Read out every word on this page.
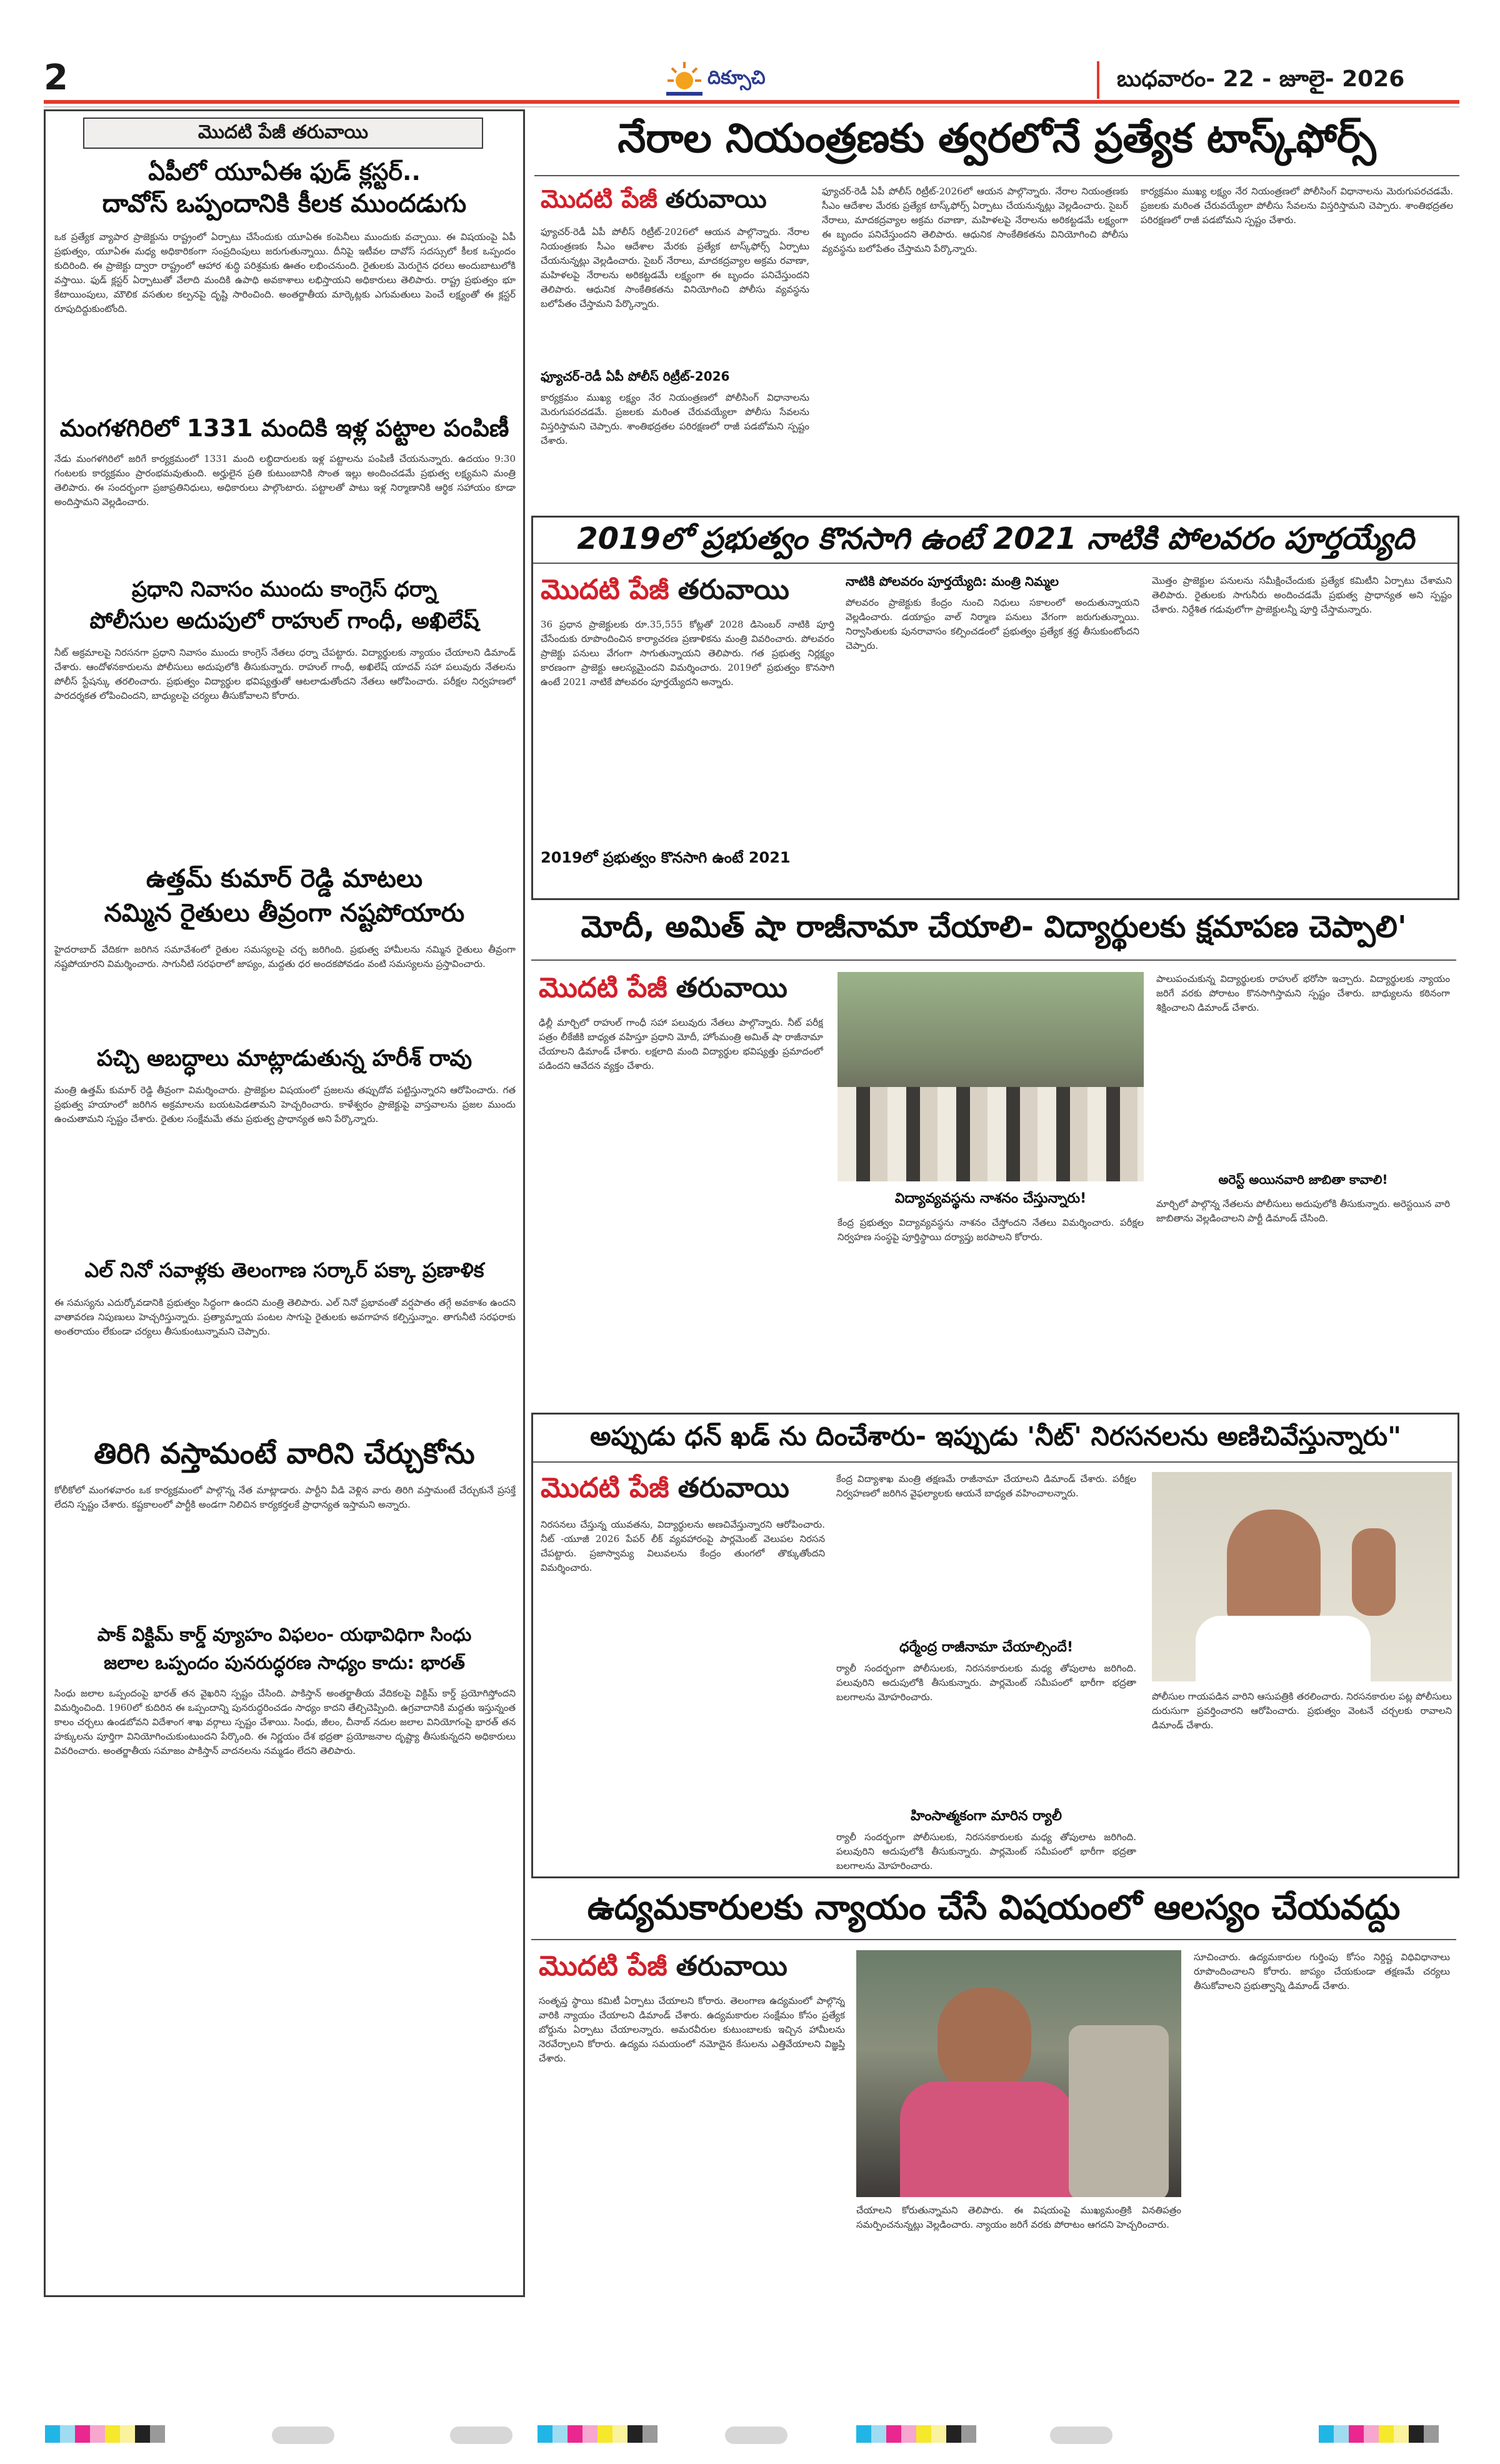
2	దిక్సూచి	బుధవారం- 22 - జూలై- 2026
మొదటి పేజీ తరువాయి
ఏపీలో యూఏఈ ఫుడ్ క్లస్టర్..
దావోస్ ఒప్పందానికి కీలక ముందడుగు
ఒక ప్రత్యేక వ్యాపార ప్రాజెక్టును రాష్ట్రంలో ఏర్పాటు చేసేందుకు యూఏఈ కంపెనీలు ముందుకు వచ్చాయి. ఈ విషయంపై ఏపీ ప్రభుత్వం, యూఏఈ మధ్య అధికారికంగా సంప్రదింపులు జరుగుతున్నాయి. దీనిపై ఇటీవల దావోస్ సదస్సులో కీలక ఒప్పందం కుదిరింది. ఈ ప్రాజెక్టు ద్వారా రాష్ట్రంలో ఆహార శుద్ధి పరిశ్రమకు ఊతం లభించనుంది. రైతులకు మెరుగైన ధరలు అందుబాటులోకి వస్తాయి. ఫుడ్ క్లస్టర్ ఏర్పాటుతో వేలాది మందికి ఉపాధి అవకాశాలు లభిస్తాయని అధికారులు తెలిపారు. రాష్ట్ర ప్రభుత్వం భూ కేటాయింపులు, మౌలిక వసతుల కల్పనపై దృష్టి సారించింది. అంతర్జాతీయ మార్కెట్లకు ఎగుమతులు పెంచే లక్ష్యంతో ఈ క్లస్టర్ రూపుదిద్దుకుంటోంది.
మంగళగిరిలో 1331 మందికి ఇళ్ల పట్టాల పంపిణీ
నేడు మంగళగిరిలో జరిగే కార్యక్రమంలో 1331 మంది లబ్ధిదారులకు ఇళ్ల పట్టాలను పంపిణీ చేయనున్నారు. ఉదయం 9:30 గంటలకు కార్యక్రమం ప్రారంభమవుతుంది. అర్హులైన ప్రతి కుటుంబానికి సొంత ఇల్లు అందించడమే ప్రభుత్వ లక్ష్యమని మంత్రి తెలిపారు. ఈ సందర్భంగా ప్రజాప్రతినిధులు, అధికారులు పాల్గొంటారు. పట్టాలతో పాటు ఇళ్ల నిర్మాణానికి ఆర్థిక సహాయం కూడా అందిస్తామని వెల్లడించారు.
ప్రధాని నివాసం ముందు కాంగ్రెస్ ధర్నా
పోలీసుల అదుపులో రాహుల్ గాంధీ, అఖిలేష్
నీట్ అక్రమాలపై నిరసనగా ప్రధాని నివాసం ముందు కాంగ్రెస్ నేతలు ధర్నా చేపట్టారు. విద్యార్థులకు న్యాయం చేయాలని డిమాండ్ చేశారు. ఆందోళనకారులను పోలీసులు అదుపులోకి తీసుకున్నారు. రాహుల్ గాంధీ, అఖిలేష్ యాదవ్ సహా పలువురు నేతలను పోలీస్ స్టేషన్కు తరలించారు. ప్రభుత్వం విద్యార్థుల భవిష్యత్తుతో ఆటలాడుతోందని నేతలు ఆరోపించారు. పరీక్షల నిర్వహణలో పారదర్శకత లోపించిందని, బాధ్యులపై చర్యలు తీసుకోవాలని కోరారు.
ఉత్తమ్ కుమార్ రెడ్డి మాటలు
నమ్మిన రైతులు తీవ్రంగా నష్టపోయారు
హైదరాబాద్ వేదికగా జరిగిన సమావేశంలో రైతుల సమస్యలపై చర్చ జరిగింది. ప్రభుత్వ హామీలను నమ్మిన రైతులు తీవ్రంగా నష్టపోయారని విమర్శించారు. సాగునీటి సరఫరాలో జాప్యం, మద్దతు ధర అందకపోవడం వంటి సమస్యలను ప్రస్తావించారు.
పచ్చి అబద్ధాలు మాట్లాడుతున్న హరీశ్ రావు
మంత్రి ఉత్తమ్ కుమార్ రెడ్డి తీవ్రంగా విమర్శించారు. ప్రాజెక్టుల విషయంలో ప్రజలను తప్పుదోవ పట్టిస్తున్నారని ఆరోపించారు. గత ప్రభుత్వ హయాంలో జరిగిన అక్రమాలను బయటపెడతామని హెచ్చరించారు. కాళేశ్వరం ప్రాజెక్టుపై వాస్తవాలను ప్రజల ముందు ఉంచుతామని స్పష్టం చేశారు. రైతుల సంక్షేమమే తమ ప్రభుత్వ ప్రాధాన్యత అని పేర్కొన్నారు.
ఎల్ నినో సవాళ్లకు తెలంగాణ సర్కార్ పక్కా ప్రణాళిక
ఈ సమస్యను ఎదుర్కోవడానికి ప్రభుత్వం సిద్ధంగా ఉందని మంత్రి తెలిపారు. ఎల్ నినో ప్రభావంతో వర్షపాతం తగ్గే అవకాశం ఉందని వాతావరణ నిపుణులు హెచ్చరిస్తున్నారు. ప్రత్యామ్నాయ పంటల సాగుపై రైతులకు అవగాహన కల్పిస్తున్నాం. తాగునీటి సరఫరాకు అంతరాయం లేకుండా చర్యలు తీసుకుంటున్నామని చెప్పారు.
తిరిగి వస్తామంటే వారిని చేర్చుకోను
కోలీకోలో మంగళవారం ఒక కార్యక్రమంలో పాల్గొన్న నేత మాట్లాడారు. పార్టీని వీడి వెళ్లిన వారు తిరిగి వస్తామంటే చేర్చుకునే ప్రసక్తే లేదని స్పష్టం చేశారు. కష్టకాలంలో పార్టీకి అండగా నిలిచిన కార్యకర్తలకే ప్రాధాన్యత ఇస్తామని అన్నారు.
పాక్ విక్టిమ్ కార్డ్ వ్యూహం విఫలం- యథావిధిగా సింధు
జలాల ఒప్పందం పునరుద్ధరణ సాధ్యం కాదు: భారత్
సింధు జలాల ఒప్పందంపై భారత్ తన వైఖరిని స్పష్టం చేసింది. పాకిస్తాన్ అంతర్జాతీయ వేదికలపై విక్టిమ్ కార్డ్ ప్రయోగిస్తోందని విమర్శించింది. 1960లో కుదిరిన ఈ ఒప్పందాన్ని పునరుద్ధరించడం సాధ్యం కాదని తేల్చిచెప్పింది. ఉగ్రవాదానికి మద్దతు ఇస్తున్నంత కాలం చర్చలు ఉండబోవని విదేశాంగ శాఖ వర్గాలు స్పష్టం చేశాయి. సింధు, జీలం, చీనాబ్ నదుల జలాల వినియోగంపై భారత్ తన హక్కులను పూర్తిగా వినియోగించుకుంటుందని పేర్కొంది. ఈ నిర్ణయం దేశ భద్రతా ప్రయోజనాల దృష్ట్యా తీసుకున్నదని అధికారులు వివరించారు. అంతర్జాతీయ సమాజం పాకిస్తాన్ వాదనలను నమ్మడం లేదని తెలిపారు.
నేరాల నియంత్రణకు త్వరలోనే ప్రత్యేక టాస్క్‌ఫోర్స్
మొదటి పేజీ తరువాయి
ఫ్యూచర్-రెడీ ఏపీ పోలీస్ రిట్రీట్-2026లో ఆయన పాల్గొన్నారు. నేరాల నియంత్రణకు సీఎం ఆదేశాల మేరకు ప్రత్యేక టాస్క్‌ఫోర్స్ ఏర్పాటు చేయనున్నట్లు వెల్లడించారు. సైబర్ నేరాలు, మాదకద్రవ్యాల అక్రమ రవాణా, మహిళలపై నేరాలను అరికట్టడమే లక్ష్యంగా ఈ బృందం పనిచేస్తుందని తెలిపారు. ఆధునిక సాంకేతికతను వినియోగించి పోలీసు వ్యవస్థను బలోపేతం చేస్తామని పేర్కొన్నారు.
ఫ్యూచర్-రెడీ ఏపీ పోలీస్ రిట్రీట్-2026
కార్యక్రమం ముఖ్య లక్ష్యం నేర నియంత్రణలో పోలీసింగ్ విధానాలను మెరుగుపరచడమే. ప్రజలకు మరింత చేరువయ్యేలా పోలీసు సేవలను విస్తరిస్తామని చెప్పారు. శాంతిభద్రతల పరిరక్షణలో రాజీ పడబోమని స్పష్టం చేశారు.
ఫ్యూచర్-రెడీ ఏపీ పోలీస్ రిట్రీట్-2026లో ఆయన పాల్గొన్నారు. నేరాల నియంత్రణకు సీఎం ఆదేశాల మేరకు ప్రత్యేక టాస్క్‌ఫోర్స్ ఏర్పాటు చేయనున్నట్లు వెల్లడించారు. సైబర్ నేరాలు, మాదకద్రవ్యాల అక్రమ రవాణా, మహిళలపై నేరాలను అరికట్టడమే లక్ష్యంగా ఈ బృందం పనిచేస్తుందని తెలిపారు. ఆధునిక సాంకేతికతను వినియోగించి పోలీసు వ్యవస్థను బలోపేతం చేస్తామని పేర్కొన్నారు.
కార్యక్రమం ముఖ్య లక్ష్యం నేర నియంత్రణలో పోలీసింగ్ విధానాలను మెరుగుపరచడమే. ప్రజలకు మరింత చేరువయ్యేలా పోలీసు సేవలను విస్తరిస్తామని చెప్పారు. శాంతిభద్రతల పరిరక్షణలో రాజీ పడబోమని స్పష్టం చేశారు.
2019లో ప్రభుత్వం కొనసాగి ఉంటే 2021 నాటికి పోలవరం పూర్తయ్యేది
మొదటి పేజీ తరువాయి
36 ప్రధాన ప్రాజెక్టులకు రూ.35,555 కోట్లతో 2028 డిసెంబర్ నాటికి పూర్తి చేసేందుకు రూపొందించిన కార్యాచరణ ప్రణాళికను మంత్రి వివరించారు. పోలవరం ప్రాజెక్టు పనులు వేగంగా సాగుతున్నాయని తెలిపారు. గత ప్రభుత్వ నిర్లక్ష్యం కారణంగా ప్రాజెక్టు ఆలస్యమైందని విమర్శించారు. 2019లో ప్రభుత్వం కొనసాగి ఉంటే 2021 నాటికే పోలవరం పూర్తయ్యేదని అన్నారు.
2019లో ప్రభుత్వం కొనసాగి ఉంటే 2021
నాటికి పోలవరం పూర్తయ్యేది: మంత్రి నిమ్మల
పోలవరం ప్రాజెక్టుకు కేంద్రం నుంచి నిధులు సకాలంలో అందుతున్నాయని వెల్లడించారు. డయాఫ్రం వాల్ నిర్మాణ పనులు వేగంగా జరుగుతున్నాయి. నిర్వాసితులకు పునరావాసం కల్పించడంలో ప్రభుత్వం ప్రత్యేక శ్రద్ధ తీసుకుంటోందని చెప్పారు.
మొత్తం ప్రాజెక్టుల పనులను సమీక్షించేందుకు ప్రత్యేక కమిటీని ఏర్పాటు చేశామని తెలిపారు. రైతులకు సాగునీరు అందించడమే ప్రభుత్వ ప్రాధాన్యత అని స్పష్టం చేశారు. నిర్దేశిత గడువులోగా ప్రాజెక్టులన్నీ పూర్తి చేస్తామన్నారు.
మోదీ, అమిత్ షా రాజీనామా చేయాలి- విద్యార్థులకు క్షమాపణ చెప్పాలి'
మొదటి పేజీ తరువాయి
ఢిల్లీ మార్చిలో రాహుల్ గాంధీ సహా పలువురు నేతలు పాల్గొన్నారు. నీట్ పరీక్ష పత్రం లీకేజీకి బాధ్యత వహిస్తూ ప్రధాని మోదీ, హోంమంత్రి అమిత్ షా రాజీనామా చేయాలని డిమాండ్ చేశారు. లక్షలాది మంది విద్యార్థుల భవిష్యత్తు ప్రమాదంలో పడిందని ఆవేదన వ్యక్తం చేశారు.
విద్యావ్యవస్థను నాశనం చేస్తున్నారు!
కేంద్ర ప్రభుత్వం విద్యావ్యవస్థను నాశనం చేస్తోందని నేతలు విమర్శించారు. పరీక్షల నిర్వహణ సంస్థపై పూర్తిస్థాయి దర్యాప్తు జరపాలని కోరారు.
పాలుపంచుకున్న విద్యార్థులకు రాహుల్ భరోసా ఇచ్చారు. విద్యార్థులకు న్యాయం జరిగే వరకు పోరాటం కొనసాగిస్తామని స్పష్టం చేశారు. బాధ్యులను కఠినంగా శిక్షించాలని డిమాండ్ చేశారు.
అరెస్ట్ అయినవారి జాబితా కావాలి!
మార్చిలో పాల్గొన్న నేతలను పోలీసులు అదుపులోకి తీసుకున్నారు. అరెస్టయిన వారి జాబితాను వెల్లడించాలని పార్టీ డిమాండ్ చేసింది.
అప్పుడు ధన్ ఖడ్ ను దించేశారు- ఇప్పుడు 'నీట్' నిరసనలను అణిచివేస్తున్నారు"
మొదటి పేజీ తరువాయి
నిరసనలు చేస్తున్న యువతను, విద్యార్థులను అణచివేస్తున్నారని ఆరోపించారు. నీట్ -యూజీ 2026 పేపర్ లీక్ వ్యవహారంపై పార్లమెంట్ వెలుపల నిరసన చేపట్టారు. ప్రజాస్వామ్య విలువలను కేంద్రం తుంగలో తొక్కుతోందని విమర్శించారు.
కేంద్ర విద్యాశాఖ మంత్రి తక్షణమే రాజీనామా చేయాలని డిమాండ్ చేశారు. పరీక్షల నిర్వహణలో జరిగిన వైఫల్యాలకు ఆయనే బాధ్యత వహించాలన్నారు.
ధర్మేంద్ర రాజీనామా చేయాల్సిందే!
ర్యాలీ సందర్భంగా పోలీసులకు, నిరసనకారులకు మధ్య తోపులాట జరిగింది. పలువురిని అదుపులోకి తీసుకున్నారు. పార్లమెంట్ సమీపంలో భారీగా భద్రతా బలగాలను మోహరించారు.
హింసాత్మకంగా మారిన ర్యాలీ
ర్యాలీ సందర్భంగా పోలీసులకు, నిరసనకారులకు మధ్య తోపులాట జరిగింది. పలువురిని అదుపులోకి తీసుకున్నారు. పార్లమెంట్ సమీపంలో భారీగా భద్రతా బలగాలను మోహరించారు.
పోలీసుల గాయపడిన వారిని ఆసుపత్రికి తరలించారు. నిరసనకారుల పట్ల పోలీసులు దురుసుగా ప్రవర్తించారని ఆరోపించారు. ప్రభుత్వం వెంటనే చర్చలకు రావాలని డిమాండ్ చేశారు.
ఉద్యమకారులకు న్యాయం చేసే విషయంలో ఆలస్యం చేయవద్దు
మొదటి పేజీ తరువాయి
సంతృప్త స్థాయి కమిటీ ఏర్పాటు చేయాలని కోరారు. తెలంగాణ ఉద్యమంలో పాల్గొన్న వారికి న్యాయం చేయాలని డిమాండ్ చేశారు. ఉద్యమకారుల సంక్షేమం కోసం ప్రత్యేక బోర్డును ఏర్పాటు చేయాలన్నారు. అమరవీరుల కుటుంబాలకు ఇచ్చిన హామీలను నెరవేర్చాలని కోరారు. ఉద్యమ సమయంలో నమోదైన కేసులను ఎత్తివేయాలని విజ్ఞప్తి చేశారు.
చేయాలని కోరుతున్నామని తెలిపారు. ఈ విషయంపై ముఖ్యమంత్రికి వినతిపత్రం సమర్పించనున్నట్లు వెల్లడించారు. న్యాయం జరిగే వరకు పోరాటం ఆగదని హెచ్చరించారు.
సూచించారు. ఉద్యమకారుల గుర్తింపు కోసం నిర్దిష్ట విధివిధానాలు రూపొందించాలని కోరారు. జాప్యం చేయకుండా తక్షణమే చర్యలు తీసుకోవాలని ప్రభుత్వాన్ని డిమాండ్ చేశారు.
